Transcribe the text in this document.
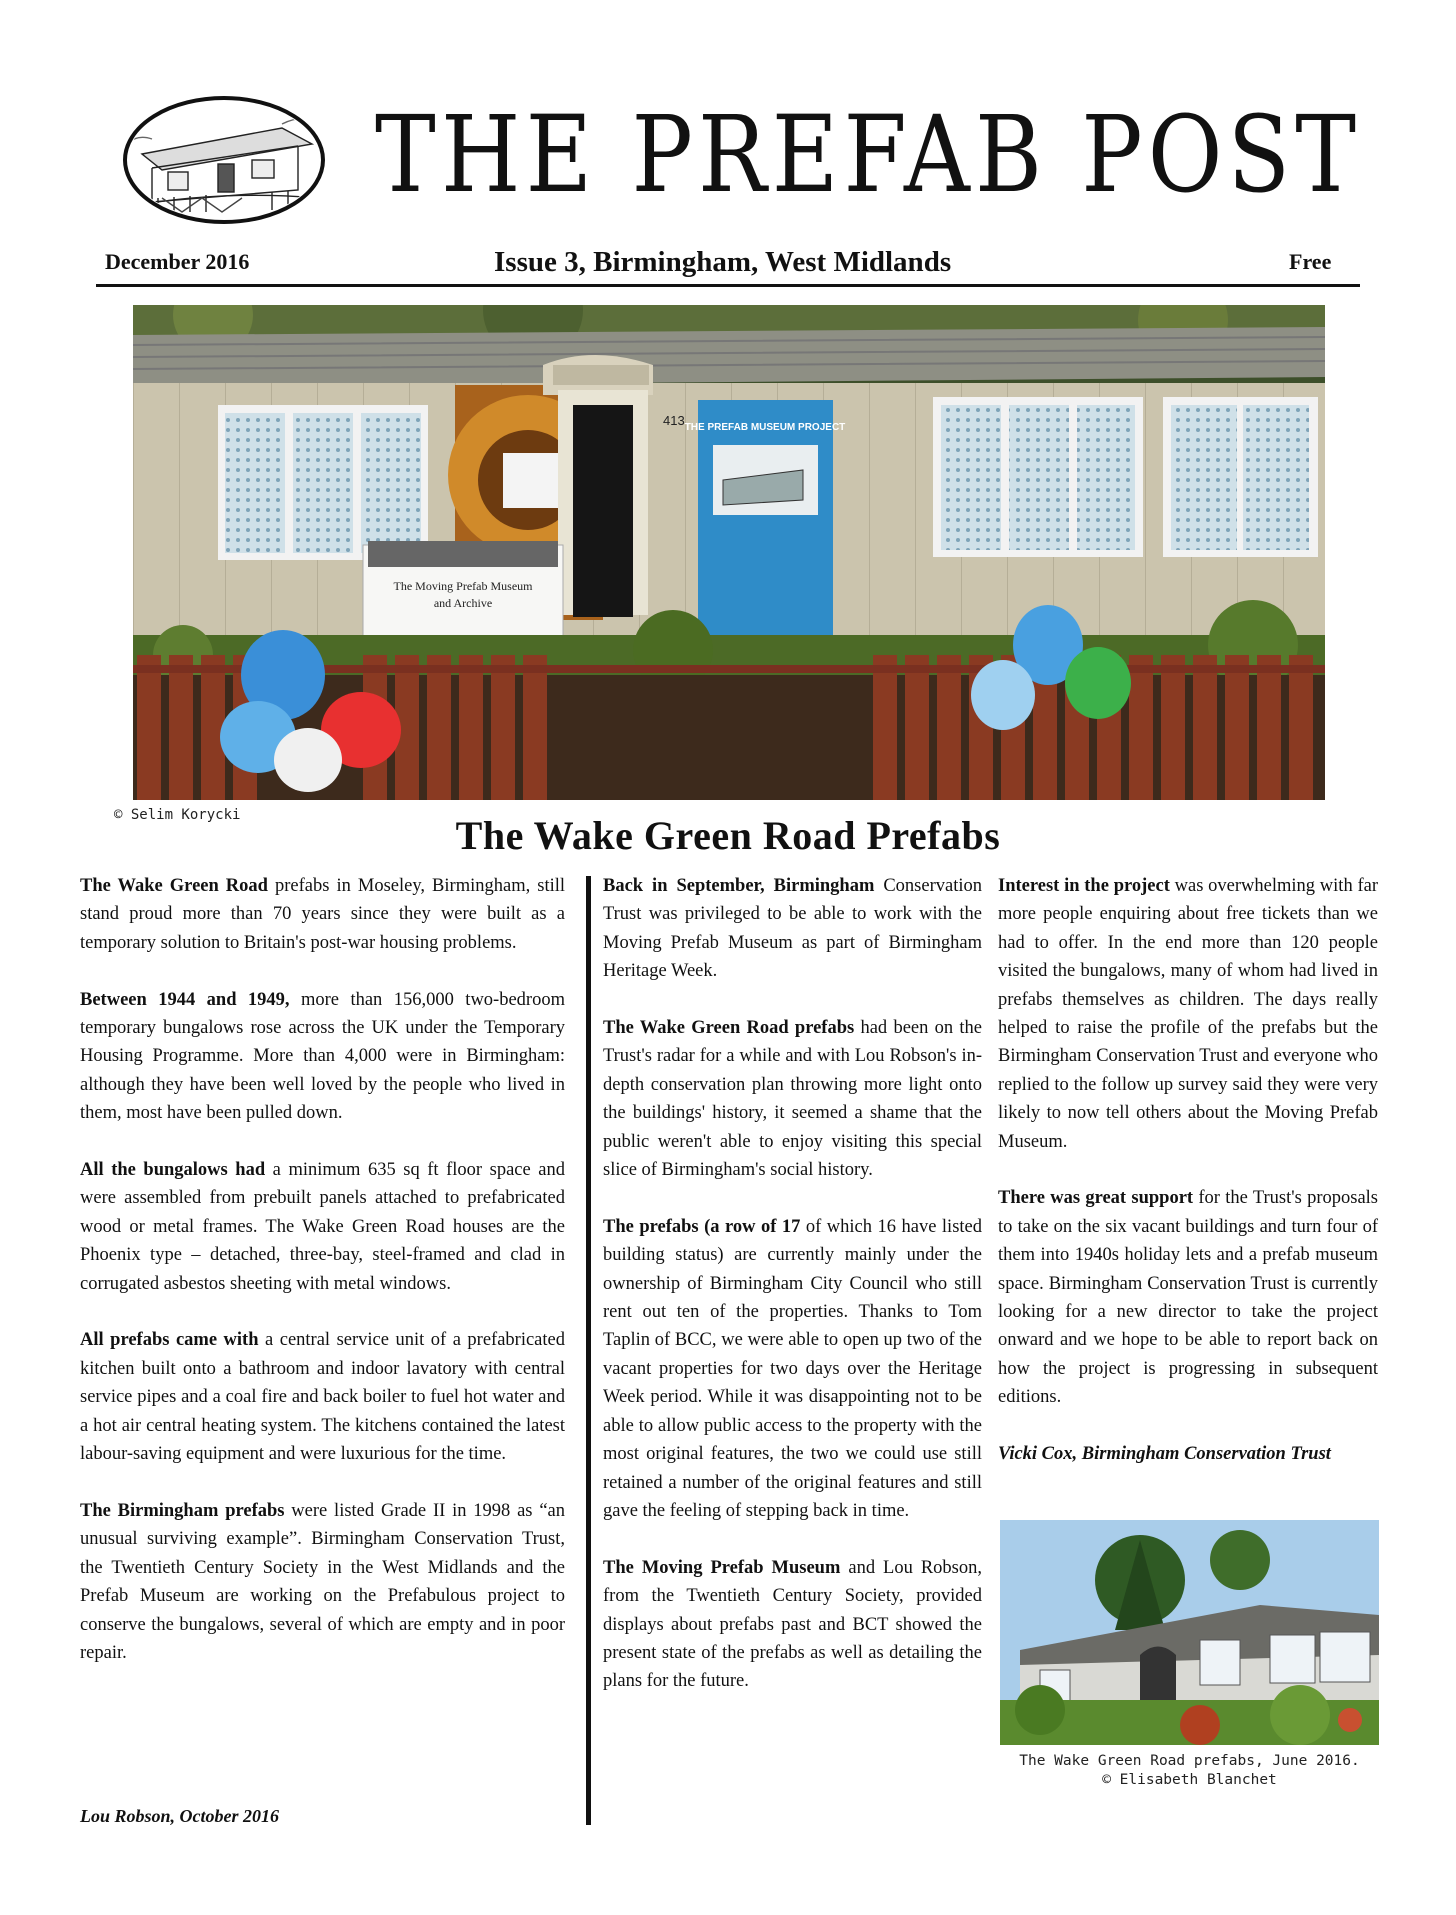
THE PREFAB POST
December 2016	Issue 3, Birmingham, West Midlands	Free
413 THE PREFAB MUSEUM PROJECT
The Moving Prefab Museum
and Archive
© Selim Korycki	The Wake Green Road Prefabs

The Wake Green Road prefabs in Moseley, Birmingham, still stand proud more than 70 years since they were built as a temporary solution to Britain's post-war housing problems.

Between 1944 and 1949, more than 156,000 two-bedroom temporary bungalows rose across the UK under the Temporary Housing Programme. More than 4,000 were in Birmingham: although they have been well loved by the people who lived in them, most have been pulled down.

All the bungalows had a minimum 635 sq ft floor space and were assembled from prebuilt panels attached to prefabricated wood or metal frames. The Wake Green Road houses are the Phoenix type – detached, three-bay, steel-framed and clad in corrugated asbestos sheeting with metal windows.

All prefabs came with a central service unit of a prefabricated kitchen built onto a bathroom and indoor lavatory with central service pipes and a coal fire and back boiler to fuel hot water and a hot air central heating system. The kitchens contained the latest labour-saving equipment and were luxurious for the time.

The Birmingham prefabs were listed Grade II in 1998 as “an unusual surviving example”. Birmingham Conservation Trust, the Twentieth Century Society in the West Midlands and the Prefab Museum are working on the Prefabulous project to conserve the bungalows, several of which are empty and in poor repair.

Lou Robson, October 2016

Back in September, Birmingham Conservation Trust was privileged to be able to work with the Moving Prefab Museum as part of Birmingham Heritage Week.

The Wake Green Road prefabs had been on the Trust's radar for a while and with Lou Robson's in-depth conservation plan throwing more light onto the buildings' history, it seemed a shame that the public weren't able to enjoy visiting this special slice of Birmingham's social history.

The prefabs (a row of 17 of which 16 have listed building status) are currently mainly under the ownership of Birmingham City Council who still rent out ten of the properties. Thanks to Tom Taplin of BCC, we were able to open up two of the vacant properties for two days over the Heritage Week period. While it was disappointing not to be able to allow public access to the property with the most original features, the two we could use still retained a number of the original features and still gave the feeling of stepping back in time.

The Moving Prefab Museum and Lou Robson, from the Twentieth Century Society, provided displays about prefabs past and BCT showed the present state of the prefabs as well as detailing the plans for the future.

Interest in the project was overwhelming with far more people enquiring about free tickets than we had to offer. In the end more than 120 people visited the bungalows, many of whom had lived in prefabs themselves as children. The days really helped to raise the profile of the prefabs but the Birmingham Conservation Trust and everyone who replied to the follow up survey said they were very likely to now tell others about the Moving Prefab Museum.

There was great support for the Trust's proposals to take on the six vacant buildings and turn four of them into 1940s holiday lets and a prefab museum space. Birmingham Conservation Trust is currently looking for a new director to take the project onward and we hope to be able to report back on how the project is progressing in subsequent editions.

Vicki Cox, Birmingham Conservation Trust

The Wake Green Road prefabs, June 2016.
© Elisabeth Blanchet
